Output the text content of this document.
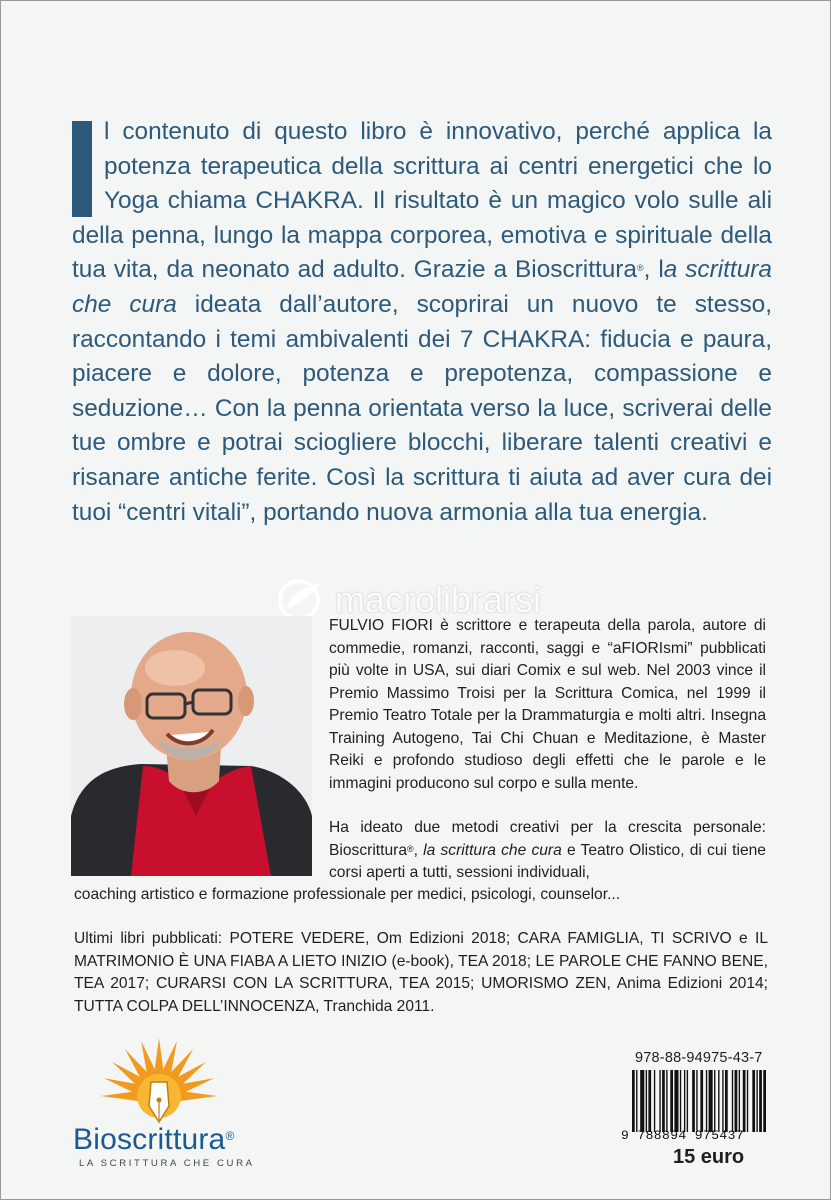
l contenuto di questo libro è innovativo, perché applica la potenza terapeutica della scrittura ai centri energetici che lo Yoga chiama CHAKRA. Il risultato è un magico volo sulle ali della penna, lungo la mappa corporea, emotiva e spirituale della tua vita, da neonato ad adulto. Grazie a Bioscrittura®, la scrittura che cura ideata dall’autore, scoprirai un nuovo te stesso, raccontando i temi ambivalenti dei 7 CHAKRA: fiducia e paura, piacere e dolore, potenza e prepotenza, compassione e seduzione… Con la penna orientata verso la luce, scriverai delle tue ombre e potrai sciogliere blocchi, liberare talenti creativi e risanare antiche ferite. Così la scrittura ti aiuta ad aver cura dei tuoi “centri vitali”, portando nuova armonia alla tua energia.

macrolibrarsi

FULVIO FIORI è scrittore e terapeuta della parola, autore di commedie, romanzi, racconti, saggi e “aFIORIsmi” pubblicati più volte in USA, sui diari Comix e sul web. Nel 2003 vince il Premio Massimo Troisi per la Scrittura Comica, nel 1999 il Premio Teatro Totale per la Drammaturgia e molti altri. Insegna Training Autogeno, Tai Chi Chuan e Meditazione, è Master Reiki e profondo studioso degli effetti che le parole e le immagini producono sul corpo e sulla mente.

Ha ideato due metodi creativi per la crescita personale: Bioscrittura®, la scrittura che cura e Teatro Olistico, di cui tiene corsi aperti a tutti, sessioni individuali,

coaching artistico e formazione professionale per medici, psicologi, counselor...

Ultimi libri pubblicati: POTERE VEDERE, Om Edizioni 2018; CARA FAMIGLIA, TI SCRIVO e IL MATRIMONIO È UNA FIABA A LIETO INIZIO (e-book), TEA 2018; LE PAROLE CHE FANNO BENE, TEA 2017; CURARSI CON LA SCRITTURA, TEA 2015; UMORISMO ZEN, Anima Edizioni 2014; TUTTA COLPA DELL’INNOCENZA, Tranchida 2011.

Bioscrittura®
LA SCRITTURA CHE CURA
978-88-94975-43-7
9 788894 975437
15 euro
